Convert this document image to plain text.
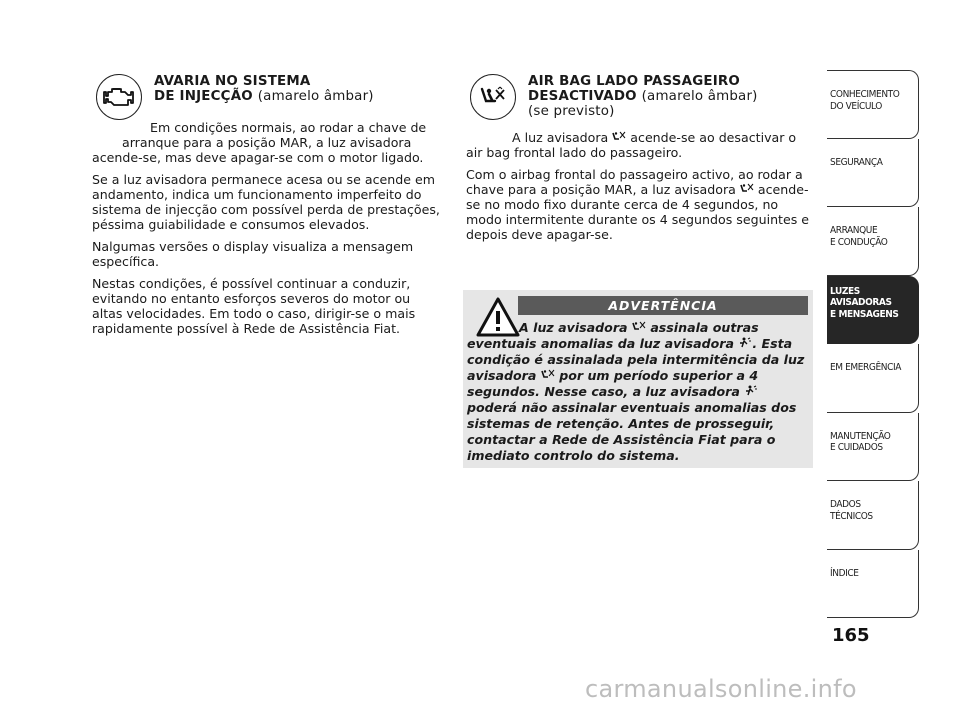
AVARIA NO SISTEMA
DE INJECÇÃO (amarelo âmbar)
Em condições normais, ao rodar a chave de
arranque para a posição MAR, a luz avisadora
acende-se, mas deve apagar-se com o motor ligado.

Se a luz avisadora permanece acesa ou se acende em andamento, indica um funcionamento imperfeito do sistema de injecção com possível perda de prestações, péssima guiabilidade e consumos elevados.

Nalgumas versões o display visualiza a mensagem específica.

Nestas condições, é possível continuar a conduzir, evitando no entanto esforços severos do motor ou altas velocidades. Em todo o caso, dirigir-se o mais rapidamente possível à Rede de Assistência Fiat.

AIR BAG LADO PASSAGEIRO
DESACTIVADO (amarelo âmbar)
(se previsto)

A luz avisadora acende-se ao desactivar o air bag frontal lado do passageiro.

Com o airbag frontal do passageiro activo, ao rodar a chave para a posição MAR, a luz avisadora acende-se no modo fixo durante cerca de 4 segundos, no modo intermitente durante os 4 segundos seguintes e depois deve apagar-se.

ADVERTÊNCIA
A luz avisadora assinala outras eventuais anomalias da luz avisadora . Esta condição é assinalada pela intermitência da luz avisadora por um período superior a 4 segundos. Nesse caso, a luz avisadora  poderá não assinalar eventuais anomalias dos sistemas de retenção. Antes de prosseguir, contactar a Rede de Assistência Fiat para o imediato controlo do sistema.
CONHECIMENTO
DO VEÍCULO
SEGURANÇA
ARRANQUE
E CONDUÇÃO
LUZES
AVISADORAS
E MENSAGENS
EM EMERGÊNCIA
MANUTENÇÃO
E CUIDADOS
DADOS
TÉCNICOS
ÍNDICE
165
carmanualsonline.info
